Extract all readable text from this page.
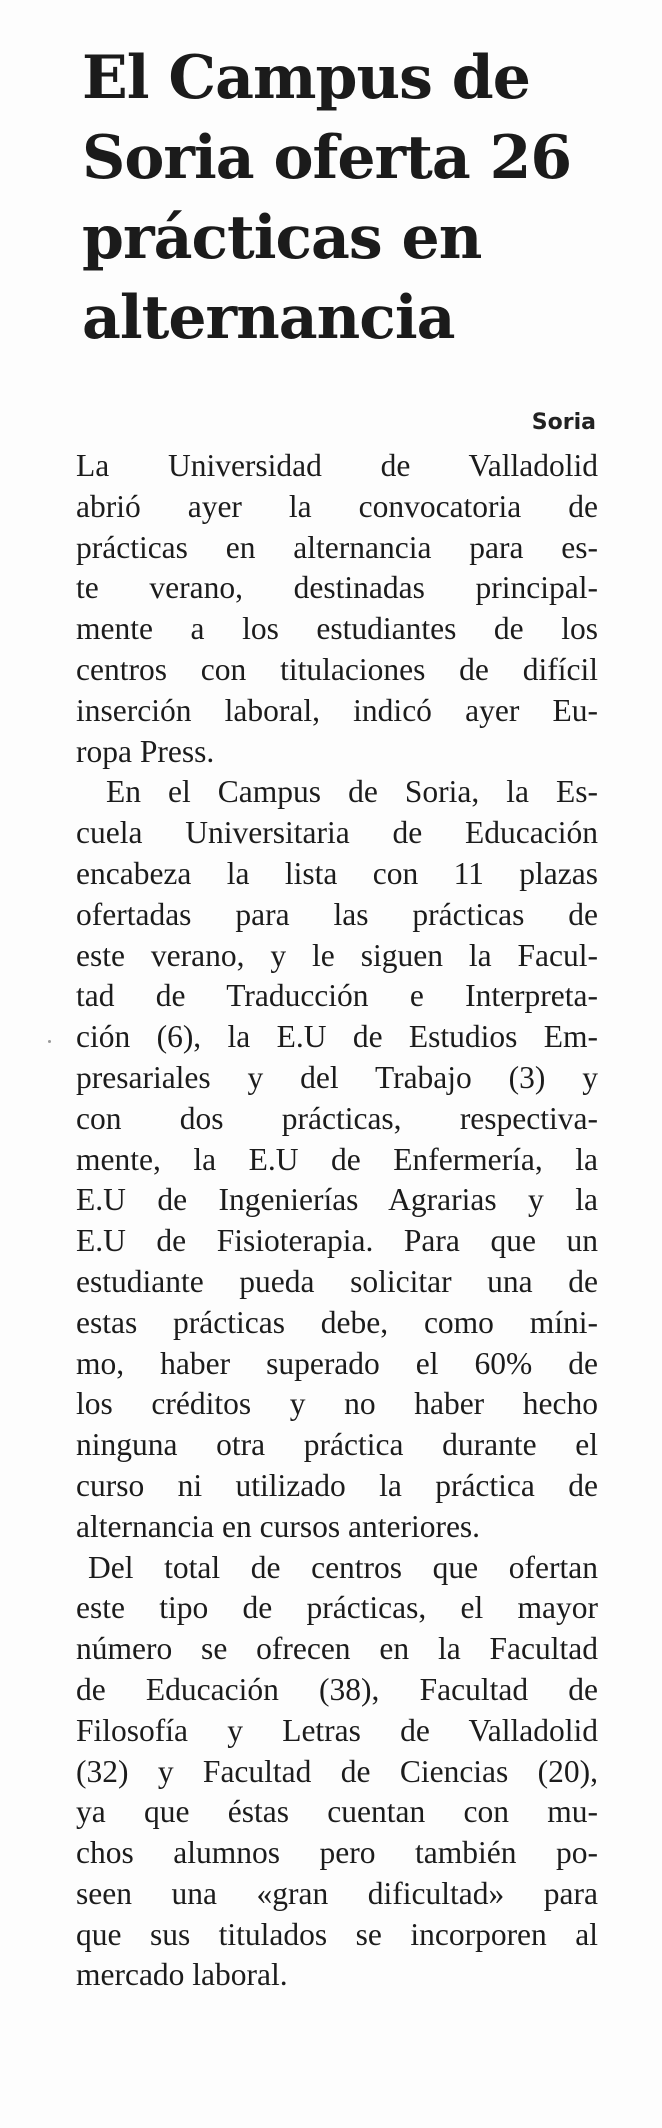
El Campus de
Soria oferta 26
prácticas en
alternancia
Soria
La Universidad de Valladolid
abrió ayer la convocatoria de
prácticas en alternancia para es-
te verano, destinadas principal-
mente a los estudiantes de los
centros con titulaciones de difícil
inserción laboral, indicó ayer Eu-
ropa Press.
En el Campus de Soria, la Es-
cuela Universitaria de Educación
encabeza la lista con 11 plazas
ofertadas para las prácticas de
este verano, y le siguen la Facul-
tad de Traducción e Interpreta-
ción (6), la E.U de Estudios Em-
presariales y del Trabajo (3) y
con dos prácticas, respectiva-
mente, la E.U de Enfermería, la
E.U de Ingenierías Agrarias y la
E.U de Fisioterapia. Para que un
estudiante pueda solicitar una de
estas prácticas debe, como míni-
mo, haber superado el 60% de
los créditos y no haber hecho
ninguna otra práctica durante el
curso ni utilizado la práctica de
alternancia en cursos anteriores.
Del total de centros que ofertan
este tipo de prácticas, el mayor
número se ofrecen en la Facultad
de Educación (38), Facultad de
Filosofía y Letras de Valladolid
(32) y Facultad de Ciencias (20),
ya que éstas cuentan con mu-
chos alumnos pero también po-
seen una «gran dificultad» para
que sus titulados se incorporen al
mercado laboral.
